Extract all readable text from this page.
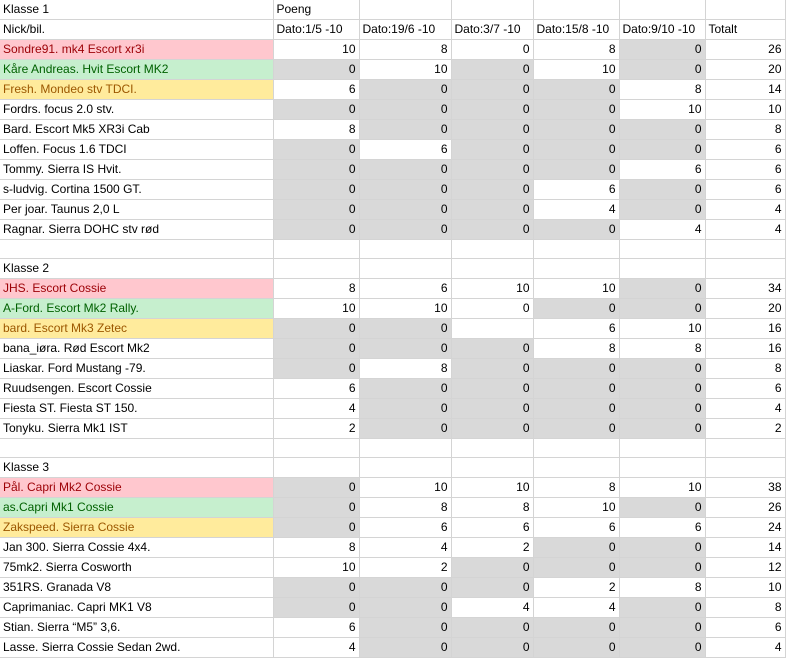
Klasse 1	Poeng					
Nick/bil.	Dato:1/5 -10	Dato:19/6 -10	Dato:3/7 -10	Dato:15/8 -10	Dato:9/10 -10	Totalt
Sondre91. mk4 Escort xr3i	10	8	0	8	0	26
Kåre Andreas. Hvit Escort MK2	0	10	0	10	0	20
Fresh. Mondeo stv TDCI.	6	0	0	0	8	14
Fordrs. focus 2.0 stv.	0	0	0	0	10	10
Bard. Escort Mk5 XR3i Cab	8	0	0	0	0	8
Loffen. Focus 1.6 TDCI	0	6	0	0	0	6
Tommy. Sierra IS Hvit.	0	0	0	0	6	6
s-ludvig. Cortina 1500 GT.	0	0	0	6	0	6
Per joar. Taunus 2,0 L	0	0	0	4	0	4
Ragnar. Sierra DOHC stv rød	0	0	0	0	4	4

Klasse 2						
JHS. Escort Cossie	8	6	10	10	0	34
A-Ford. Escort Mk2 Rally.	10	10	0	0	0	20
bard. Escort Mk3 Zetec	0	0		6	10	16
bana_iøra. Rød Escort Mk2	0	0	0	8	8	16
Liaskar. Ford Mustang -79.	0	8	0	0	0	8
Ruudsengen. Escort Cossie	6	0	0	0	0	6
Fiesta ST. Fiesta ST 150.	4	0	0	0	0	4
Tonyku. Sierra Mk1 IST	2	0	0	0	0	2

Klasse 3						
Pål. Capri Mk2 Cossie	0	10	10	8	10	38
as.Capri Mk1 Cossie	0	8	8	10	0	26
Zakspeed. Sierra Cossie	0	6	6	6	6	24
Jan 300. Sierra Cossie 4x4.	8	4	2	0	0	14
75mk2. Sierra Cosworth	10	2	0	0	0	12
351RS. Granada V8	0	0	0	2	8	10
Caprimaniac. Capri MK1 V8	0	0	4	4	0	8
Stian. Sierra “M5” 3,6.	6	0	0	0	0	6
Lasse. Sierra Cossie Sedan 2wd.	4	0	0	0	0	4
